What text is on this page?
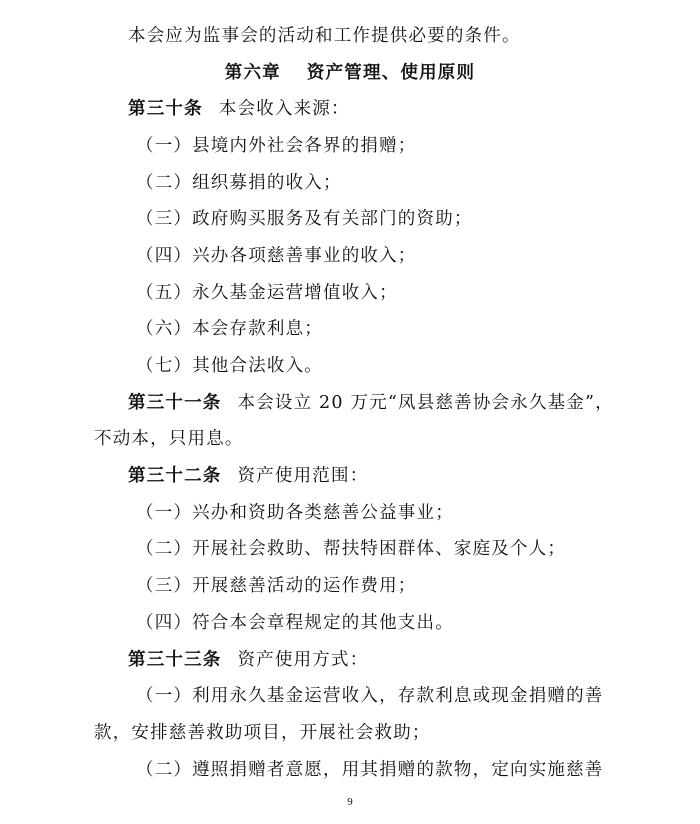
本会应为监事会的活动和工作提供必要的条件。
第六章 资产管理、使用原则
第三十条 本会收入来源：
（一）县境内外社会各界的捐赠；
（二）组织募捐的收入；
（三）政府购买服务及有关部门的资助；
（四）兴办各项慈善事业的收入；
（五）永久基金运营增值收入；
（六）本会存款利息；
（七）其他合法收入。
第三十一条 本会设立 20 万元“凤县慈善协会永久基金”，
不动本，只用息。
第三十二条 资产使用范围：
（一）兴办和资助各类慈善公益事业；
（二）开展社会救助、帮扶特困群体、家庭及个人；
（三）开展慈善活动的运作费用；
（四）符合本会章程规定的其他支出。
第三十三条 资产使用方式：
（一）利用永久基金运营收入，存款利息或现金捐赠的善
款，安排慈善救助项目，开展社会救助；
（二）遵照捐赠者意愿，用其捐赠的款物，定向实施慈善
9
